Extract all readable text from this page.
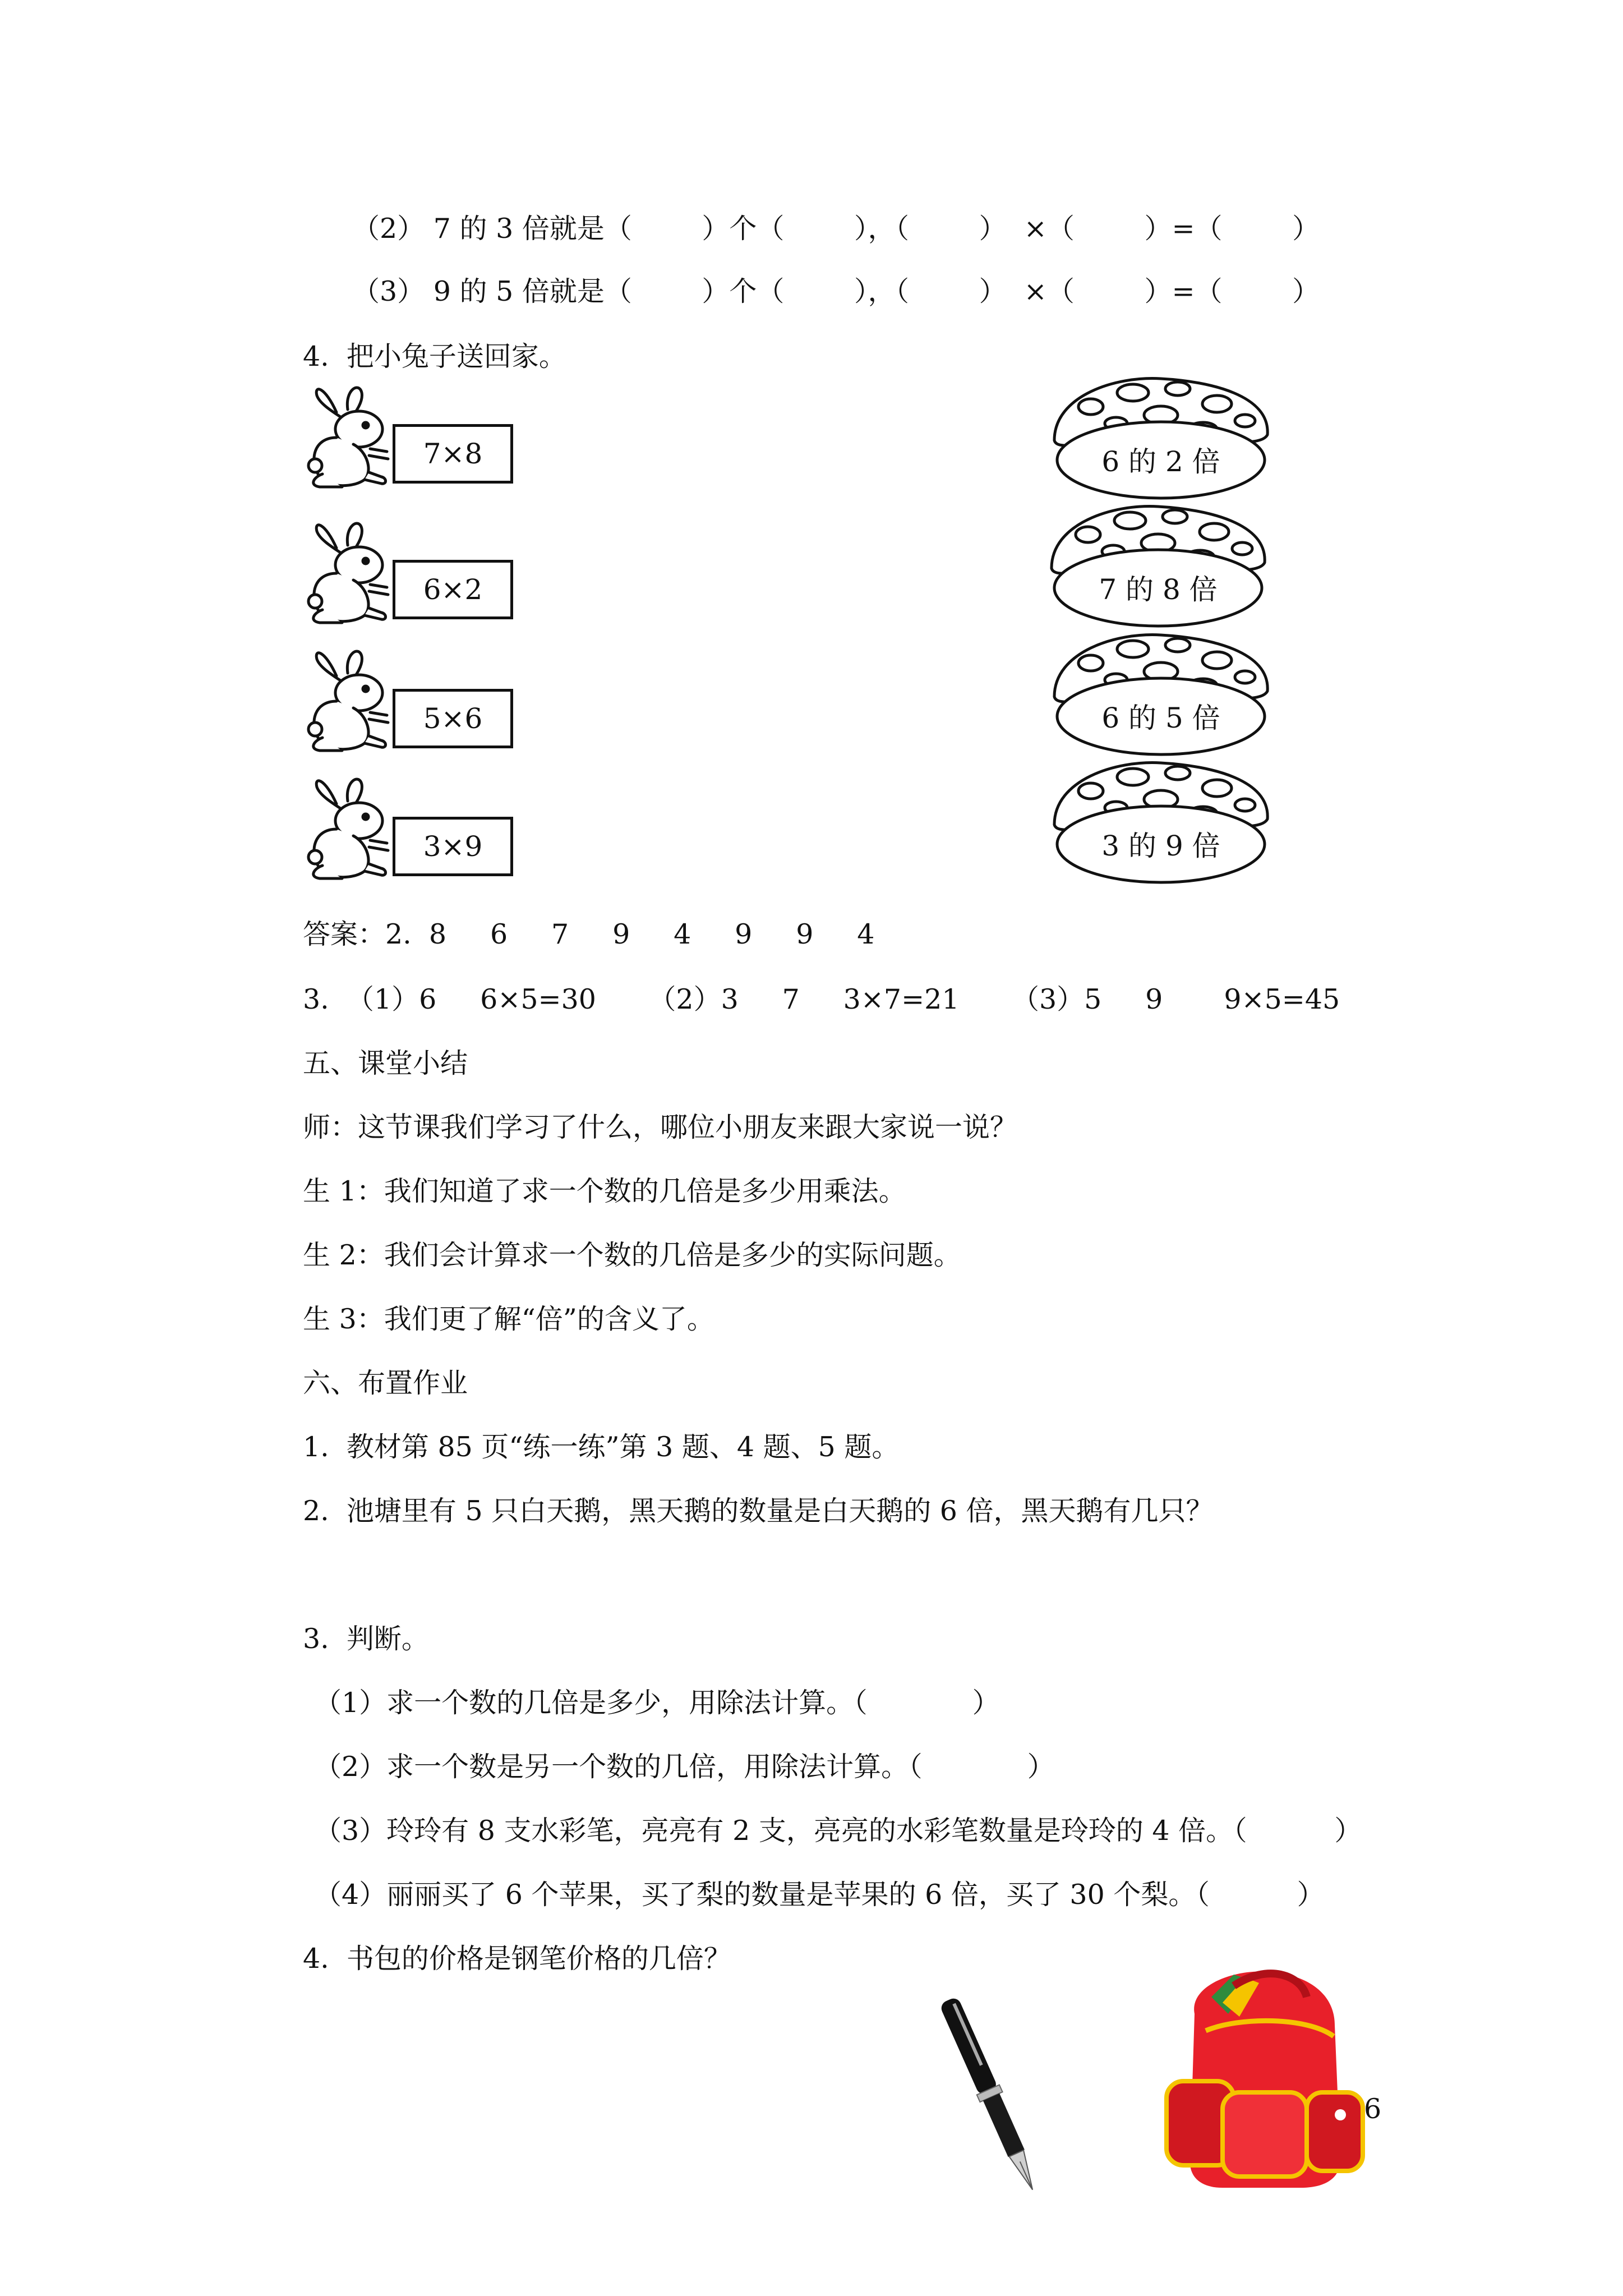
（2） 7 的 3 倍就是（        ）个（        ），（        ）  ×（        ）=（        ）
（3） 9 的 5 倍就是（        ）个（        ），（        ）  ×（        ）=（        ）
4.  把小兔子送回家。
7×8
6×2
5×6
3×9
6 的 2 倍
7 的 8 倍
6 的 5 倍
3 的 9 倍
答案：2.  8     6     7     9     4     9     9     4
3.  （1）6     6×5=30      （2）3     7     3×7=21      （3）5     9       9×5=45
五、课堂小结
师：这节课我们学习了什么，哪位小朋友来跟大家说一说？
生 1：我们知道了求一个数的几倍是多少用乘法。
生 2：我们会计算求一个数的几倍是多少的实际问题。
生 3：我们更了解“倍”的含义了。
六、布置作业
1.  教材第 85 页“练一练”第 3 题、4 题、5 题。
2.  池塘里有 5 只白天鹅，黑天鹅的数量是白天鹅的 6 倍，黑天鹅有几只？
3.  判断。
（1）求一个数的几倍是多少，用除法计算。（            ）
（2）求一个数是另一个数的几倍，用除法计算。（            ）
（3）玲玲有 8 支水彩笔，亮亮有 2 支，亮亮的水彩笔数量是玲玲的 4 倍。（          ）
（4）丽丽买了 6 个苹果，买了梨的数量是苹果的 6 倍，买了 30 个梨。（          ）
4.  书包的价格是钢笔价格的几倍？
6
